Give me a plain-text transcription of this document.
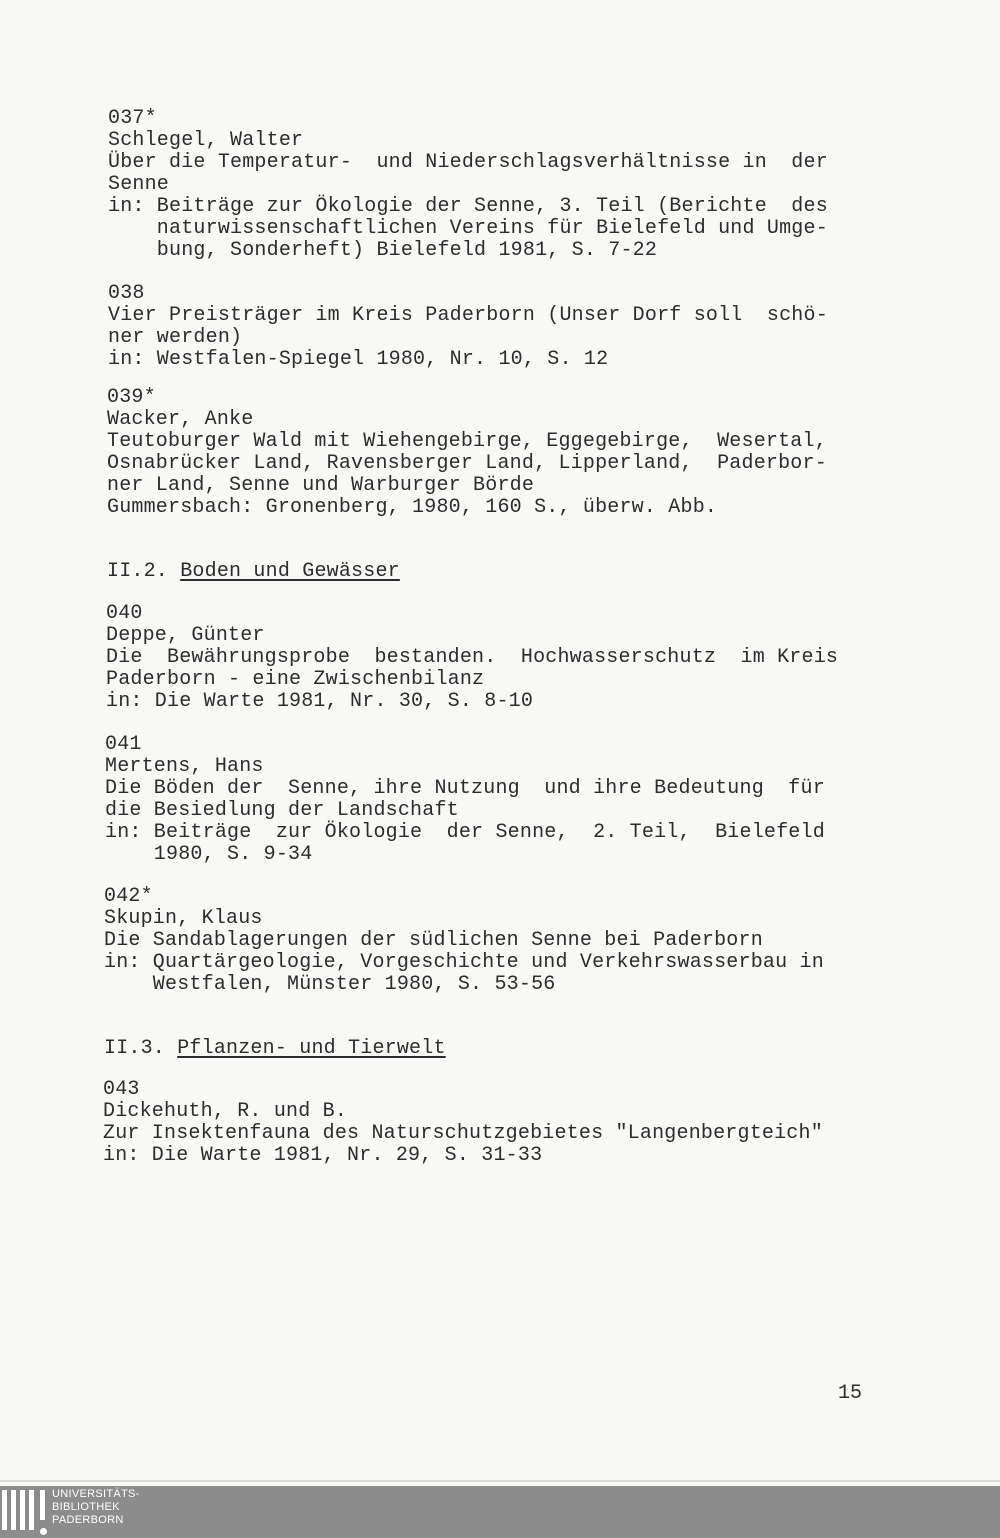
037*
Schlegel, Walter
Über die Temperatur-  und Niederschlagsverhältnisse in  der
Senne
in: Beiträge zur Ökologie der Senne, 3. Teil (Berichte  des
naturwissenschaftlichen Vereins für Bielefeld und Umge-
bung, Sonderheft) Bielefeld 1981, S. 7-22
038
Vier Preisträger im Kreis Paderborn (Unser Dorf soll  schö-
ner werden)
in: Westfalen-Spiegel 1980, Nr. 10, S. 12
039*
Wacker, Anke
Teutoburger Wald mit Wiehengebirge, Eggegebirge,  Wesertal,
Osnabrücker Land, Ravensberger Land, Lipperland,  Paderbor-
ner Land, Senne und Warburger Börde
Gummersbach: Gronenberg, 1980, 160 S., überw. Abb.
II.2. Boden und Gewässer
040
Deppe, Günter
Die  Bewährungsprobe  bestanden.  Hochwasserschutz  im Kreis
Paderborn - eine Zwischenbilanz
in: Die Warte 1981, Nr. 30, S. 8-10
041
Mertens, Hans
Die Böden der  Senne, ihre Nutzung  und ihre Bedeutung  für
die Besiedlung der Landschaft
in: Beiträge  zur Ökologie  der Senne,  2. Teil,  Bielefeld
1980, S. 9-34
042*
Skupin, Klaus
Die Sandablagerungen der südlichen Senne bei Paderborn
in: Quartärgeologie, Vorgeschichte und Verkehrswasserbau in
Westfalen, Münster 1980, S. 53-56
II.3. Pflanzen- und Tierwelt
043
Dickehuth, R. und B.
Zur Insektenfauna des Naturschutzgebietes "Langenbergteich"
in: Die Warte 1981, Nr. 29, S. 31-33
15
UNIVERSITÄTS-
BIBLIOTHEK
PADERBORN
